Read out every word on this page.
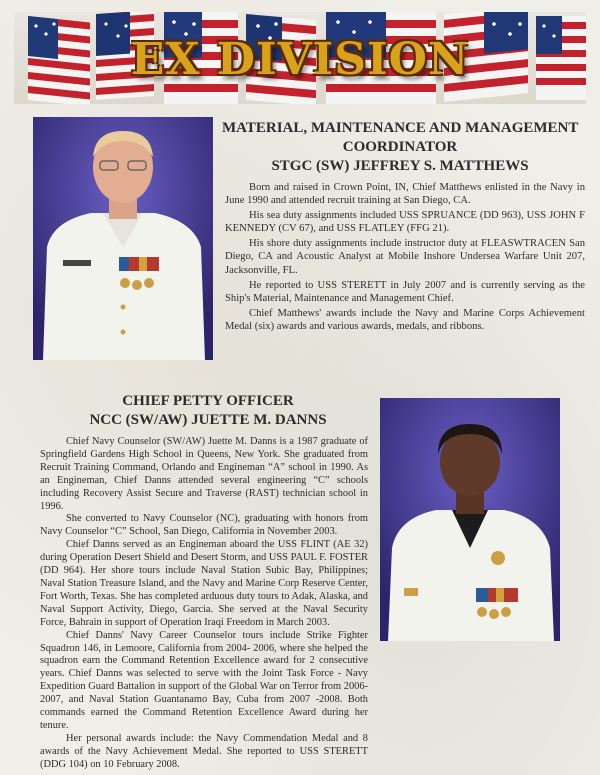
EX DIVISION
MATERIAL, MAINTENANCE AND MANAGEMENT
COORDINATOR
STGC (SW) JEFFREY S. MATTHEWS

Born and raised in Crown Point, IN, Chief Matthews enlisted in the Navy in June 1990 and attended recruit training at San Diego, CA.

His sea duty assignments included USS SPRUANCE (DD 963), USS JOHN F KENNEDY (CV 67), and USS FLATLEY (FFG 21).

His shore duty assignments include instructor duty at FLEASWTRACEN San Diego, CA and Acoustic Analyst at Mobile Inshore Undersea Warfare Unit 207, Jacksonville, FL.

He reported to USS STERETT in July 2007 and is currently serving as the Ship's Material, Maintenance and Management Chief.

Chief Matthews' awards include the Navy and Marine Corps Achievement Medal (six) awards and various awards, medals, and ribbons.

CHIEF PETTY OFFICER
NCC (SW/AW) JUETTE M. DANNS

Chief Navy Counselor (SW/AW) Juette M. Danns is a 1987 graduate of Springfield Gardens High School in Queens, New York. She graduated from Recruit Training Command, Orlando and Engineman “A” school in 1990. As an Engineman, Chief Danns attended several engineering “C” schools including Recovery Assist Secure and Traverse (RAST) technician school in 1996.

She converted to Navy Counselor (NC), graduating with honors from Navy Counselor “C” School, San Diego, California in November 2003.

Chief Danns served as an Engineman aboard the USS FLINT (AE 32) during Operation Desert Shield and Desert Storm, and USS PAUL F. FOSTER (DD 964). Her shore tours include Naval Station Subic Bay, Philippines; Naval Station Treasure Island, and the Navy and Marine Corp Reserve Center, Fort Worth, Texas. She has completed arduous duty tours to Adak, Alaska, and Naval Support Activity, Diego, Garcia. She served at the Naval Security Force, Bahrain in support of Operation Iraqi Freedom in March 2003.

Chief Danns' Navy Career Counselor tours include Strike Fighter Squadron 146, in Lemoore, California from 2004- 2006, where she helped the squadron earn the Command Retention Excellence award for 2 consecutive years. Chief Danns was selected to serve with the Joint Task Force - Navy Expedition Guard Battalion in support of the Global War on Terror from 2006-2007, and Naval Station Guantanamo Bay, Cuba from 2007 -2008. Both commands earned the Command Retention Excellence Award during her tenure.

Her personal awards include: the Navy Commendation Medal and 8 awards of the Navy Achievement Medal. She reported to USS STERETT (DDG 104) on 10 February 2008.
